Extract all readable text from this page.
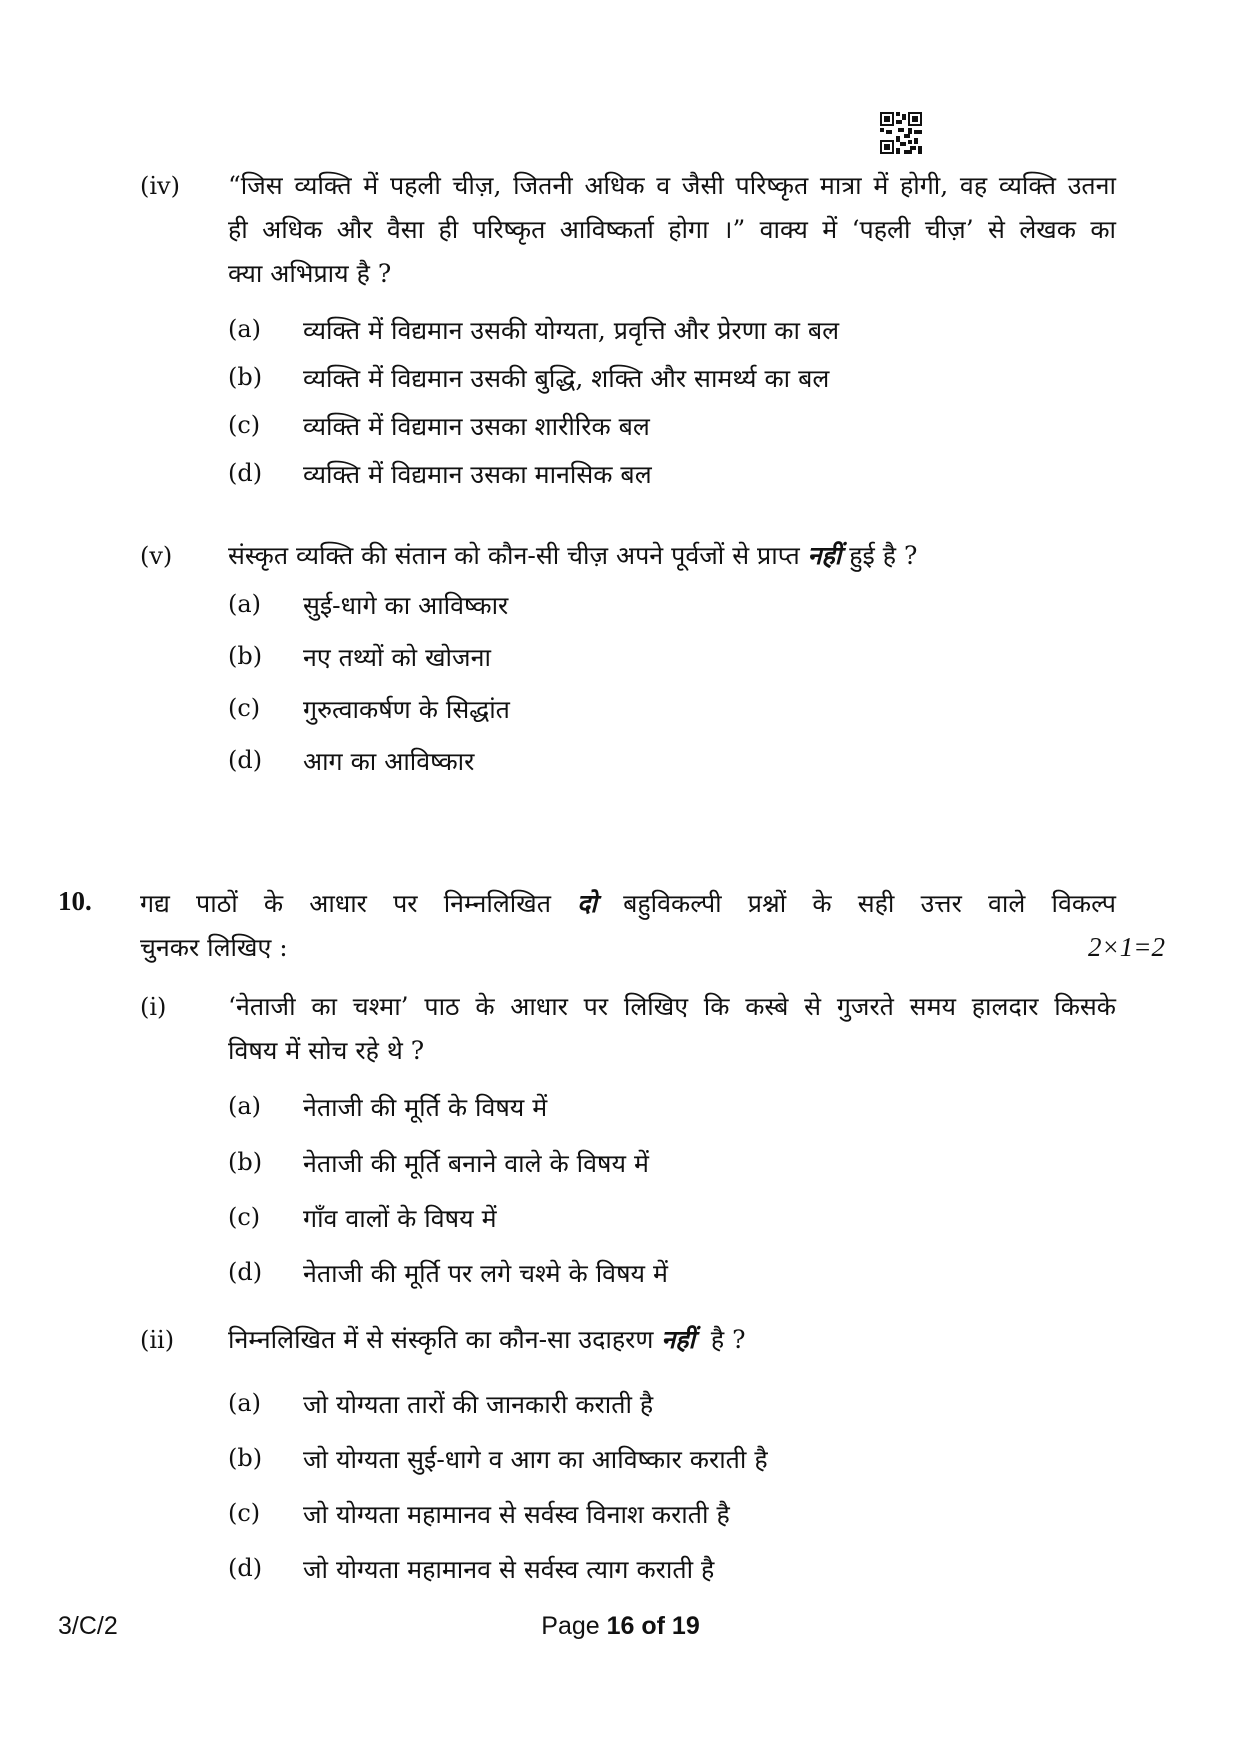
(iv) “जिस व्यक्ति में पहली चीज़, जितनी अधिक व जैसी परिष्कृत मात्रा में होगी, वह व्यक्ति उतना
ही अधिक और वैसा ही परिष्कृत आविष्कर्ता होगा ।” वाक्य में ‘पहली चीज़’ से लेखक का
क्या अभिप्राय है ?
(a) व्यक्ति में विद्यमान उसकी योग्यता, प्रवृत्ति और प्रेरणा का बल
(b) व्यक्ति में विद्यमान उसकी बुद्धि, शक्ति और सामर्थ्य का बल
(c) व्यक्ति में विद्यमान उसका शारीरिक बल
(d) व्यक्ति में विद्यमान उसका मानसिक बल
(v) संस्कृत व्यक्ति की संतान को कौन-सी चीज़ अपने पूर्वजों से प्राप्त नहीं हुई है ?
(a) सुई-धागे का आविष्कार
(b) नए तथ्यों को खोजना
(c) गुरुत्वाकर्षण के सिद्धांत
(d) आग का आविष्कार
10. गद्य पाठों के आधार पर निम्नलिखित दो बहुविकल्पी प्रश्नों के सही उत्तर वाले विकल्प
चुनकर लिखिए :	2×1=2
(i) ‘नेताजी का चश्मा’ पाठ के आधार पर लिखिए कि कस्बे से गुजरते समय हालदार किसके
विषय में सोच रहे थे ?
(a) नेताजी की मूर्ति के विषय में
(b) नेताजी की मूर्ति बनाने वाले के विषय में
(c) गाँव वालों के विषय में
(d) नेताजी की मूर्ति पर लगे चश्मे के विषय में
(ii) निम्नलिखित में से संस्कृति का कौन-सा उदाहरण नहीं  है ?
(a) जो योग्यता तारों की जानकारी कराती है
(b) जो योग्यता सुई-धागे व आग का आविष्कार कराती है
(c) जो योग्यता महामानव से सर्वस्व विनाश कराती है
(d) जो योग्यता महामानव से सर्वस्व त्याग कराती है
3/C/2	Page 16 of 19
